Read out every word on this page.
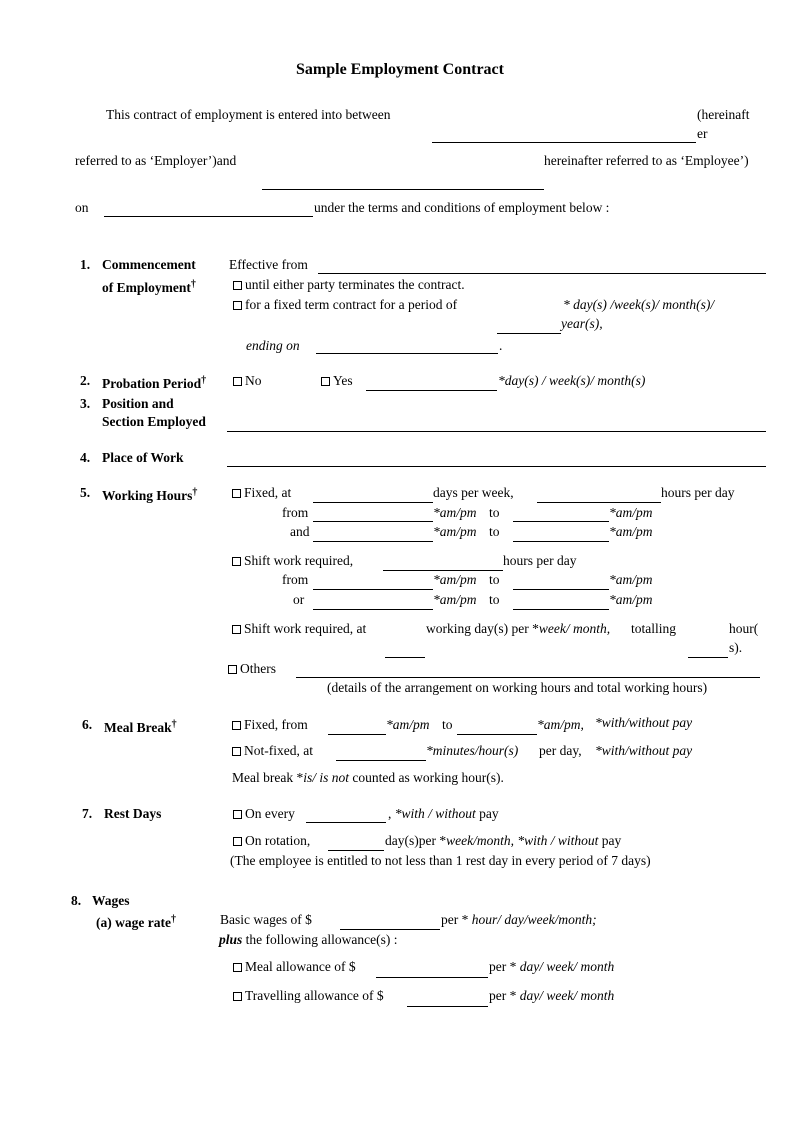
Sample Employment Contract
This contract of employment is entered into between	(hereinaft
er
referred to as ‘Employer’)and	hereinafter referred to as ‘Employee’)
on	under the terms and conditions of employment below :
1. Commencement
of Employment†
Effective from
until either party terminates the contract.
for a fixed term contract for a period of	* day(s) /week(s)/ month(s)/
year(s),
ending on	.
2. Probation Period†	No	Yes	*day(s) / week(s)/ month(s)
3. Position and
Section Employed
4. Place of Work
5. Working Hours†	Fixed, at	days per week,	hours per day
from	*am/pm to	*am/pm
and	*am/pm to	*am/pm
Shift work required,	hours per day
from	*am/pm to	*am/pm
or	*am/pm to	*am/pm
Shift work required, at	working day(s) per *week/ month, totalling	hour(
s).
Others
(details of the arrangement on working hours and total working hours)
6. Meal Break†	Fixed, from	*am/pm to	*am/pm, *with/without pay
Not-fixed, at	*minutes/hour(s) per day, *with/without pay
Meal break *is/ is not counted as working hour(s).
7. Rest Days	On every	, *with / without pay
On rotation,	day(s)per *week/month, *with / without pay
(The employee is entitled to not less than 1 rest day in every period of 7 days)
8. Wages
(a) wage rate†	Basic wages of $	per * hour/ day/week/month;
plus the following allowance(s) :
Meal allowance of $	per * day/ week/ month
Travelling allowance of $	per * day/ week/ month
